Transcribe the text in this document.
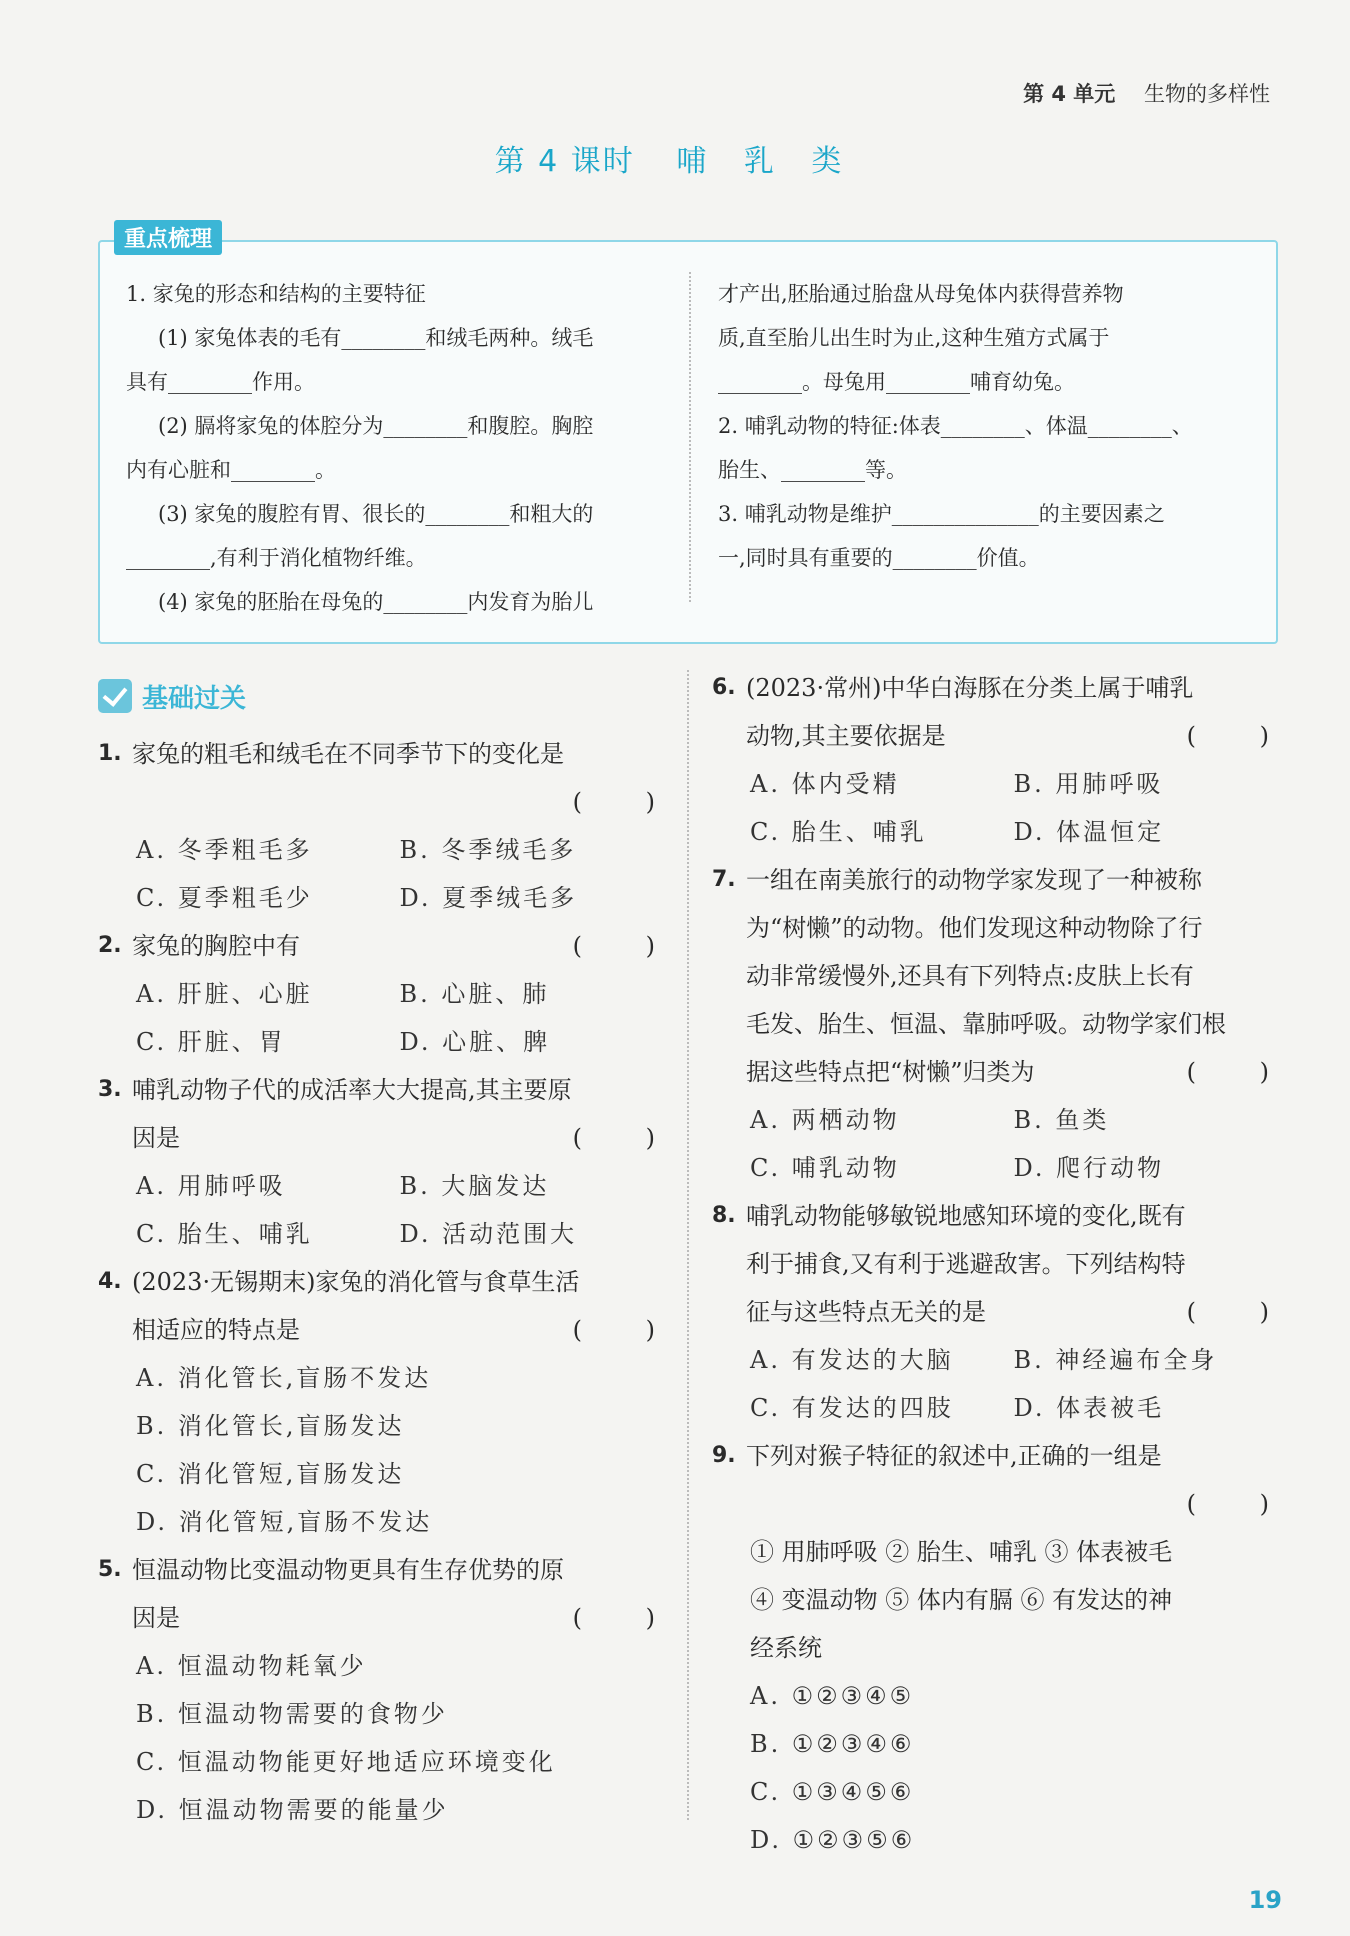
第 4 单元 生物的多样性
第 4 课时 哺 乳 类
重点梳理

1. 家兔的形态和结构的主要特征

(1) 家兔体表的毛有________和绒毛两种。绒毛

具有________作用。

(2) 膈将家兔的体腔分为________和腹腔。胸腔

内有心脏和________。

(3) 家兔的腹腔有胃、很长的________和粗大的

________,有利于消化植物纤维。

(4) 家兔的胚胎在母兔的________内发育为胎儿

才产出,胚胎通过胎盘从母兔体内获得营养物

质,直至胎儿出生时为止,这种生殖方式属于

________。母兔用________哺育幼兔。

2. 哺乳动物的特征:体表________、体温________、

胎生、________等。

3. 哺乳动物是维护______________的主要因素之

一,同时具有重要的________价值。

基础过关
1. 家兔的粗毛和绒毛在不同季节下的变化是
( )
A. 冬季粗毛多	B. 冬季绒毛多
C. 夏季粗毛少	D. 夏季绒毛多
2. 家兔的胸腔中有	( )
A. 肝脏、心脏	B. 心脏、肺
C. 肝脏、胃	D. 心脏、脾
3. 哺乳动物子代的成活率大大提高,其主要原
因是	( )
A. 用肺呼吸	B. 大脑发达
C. 胎生、哺乳	D. 活动范围大
4. (2023·无锡期末)家兔的消化管与食草生活
相适应的特点是	( )
A. 消化管长,盲肠不发达
B. 消化管长,盲肠发达
C. 消化管短,盲肠发达
D. 消化管短,盲肠不发达
5. 恒温动物比变温动物更具有生存优势的原
因是	( )
A. 恒温动物耗氧少
B. 恒温动物需要的食物少
C. 恒温动物能更好地适应环境变化
D. 恒温动物需要的能量少
6. (2023·常州)中华白海豚在分类上属于哺乳
动物,其主要依据是	( )
A. 体内受精	B. 用肺呼吸
C. 胎生、哺乳	D. 体温恒定
7. 一组在南美旅行的动物学家发现了一种被称
为“树懒”的动物。他们发现这种动物除了行
动非常缓慢外,还具有下列特点:皮肤上长有
毛发、胎生、恒温、靠肺呼吸。动物学家们根
据这些特点把“树懒”归类为	( )
A. 两栖动物	B. 鱼类
C. 哺乳动物	D. 爬行动物
8. 哺乳动物能够敏锐地感知环境的变化,既有
利于捕食,又有利于逃避敌害。下列结构特
征与这些特点无关的是	( )
A. 有发达的大脑	B. 神经遍布全身
C. 有发达的四肢	D. 体表被毛
9. 下列对猴子特征的叙述中,正确的一组是
( )
① 用肺呼吸 ② 胎生、哺乳 ③ 体表被毛
④ 变温动物 ⑤ 体内有膈 ⑥ 有发达的神
经系统
A. ①②③④⑤
B. ①②③④⑥
C. ①③④⑤⑥
D. ①②③⑤⑥
19
